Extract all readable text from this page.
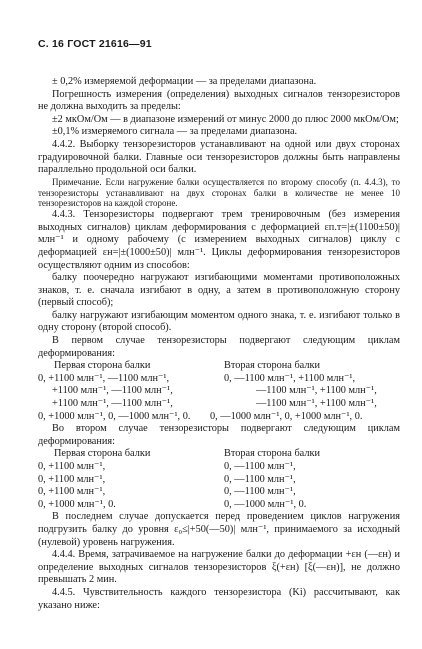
С. 16 ГОСТ 21616—91

± 0,2% измеряемой деформации — за пределами диапазона.

Погрешность измерения (определения) выходных сигналов тензорезисторов не должна выходить за пределы:

±2 мкОм/Ом — в диапазоне измерений от минус 2000 до плюс 2000 мкОм/Ом;

±0,1% измеряемого сигнала — за пределами диапазона.

4.4.2. Выборку тензорезисторов устанавливают на одной или двух сторонах градуировочной балки. Главные оси тензорезисторов должны быть направлены параллельно продольной оси балки.

Примечание. Если нагружение балки осуществляется по второму способу (п. 4.4.3), то тензорезисторы устанавливают на двух сторонах балки в количестве не менее 10 тензорезисторов на каждой стороне.

4.4.3. Тензорезисторы подвергают трем тренировочным (без измерения выходных сигналов) циклам деформирования с деформацией εп.т=|±(1100±50)| млн⁻¹ и одному рабочему (с измерением выходных сигналов) циклу с деформацией εн=|±(1000±50)| млн⁻¹. Циклы деформирования тензорезисторов осуществляют одним из способов:

балку поочередно нагружают изгибающими моментами противоположных знаков, т. е. сначала изгибают в одну, а затем в противоположную сторону (первый способ);

балку нагружают изгибающим моментом одного знака, т. е. изгибают только в одну сторону (второй способ).

В первом случае тензорезисторы подвергают следующим циклам деформирования:

Первая сторона балки	Вторая сторона балки
0, +1100 млн⁻¹, —1100 млн⁻¹,	0, —1100 млн⁻¹, +1100 млн⁻¹,
+1100 млн⁻¹, —1100 млн⁻¹,	—1100 млн⁻¹, +1100 млн⁻¹,
+1100 млн⁻¹, —1100 млн⁻¹,	—1100 млн⁻¹, +1100 млн⁻¹,
0, +1000 млн⁻¹, 0, —1000 млн⁻¹, 0.	0, —1000 млн⁻¹, 0, +1000 млн⁻¹, 0.

Во втором случае тензорезисторы подвергают следующим циклам деформирования:

Первая сторона балки	Вторая сторона балки
0, +1100 млн⁻¹,	0, —1100 млн⁻¹,
0, +1100 млн⁻¹,	0, —1100 млн⁻¹,
0, +1100 млн⁻¹,	0, —1100 млн⁻¹,
0, +1000 млн⁻¹, 0.	0, —1000 млн⁻¹, 0.

В последнем случае допускается перед проведением циклов нагружения подгрузить балку до уровня ε₀≤|+50(—50)| млн⁻¹, принимаемого за исходный (нулевой) уровень нагружения.

4.4.4. Время, затрачиваемое на нагружение балки до деформации +εн (—εн) и определение выходных сигналов тензорезисторов ξ(+εн) [ξ(—εн)], не должно превышать 2 мин.

4.4.5. Чувствительность каждого тензорезистора (Ki) рассчитывают, как указано ниже:
